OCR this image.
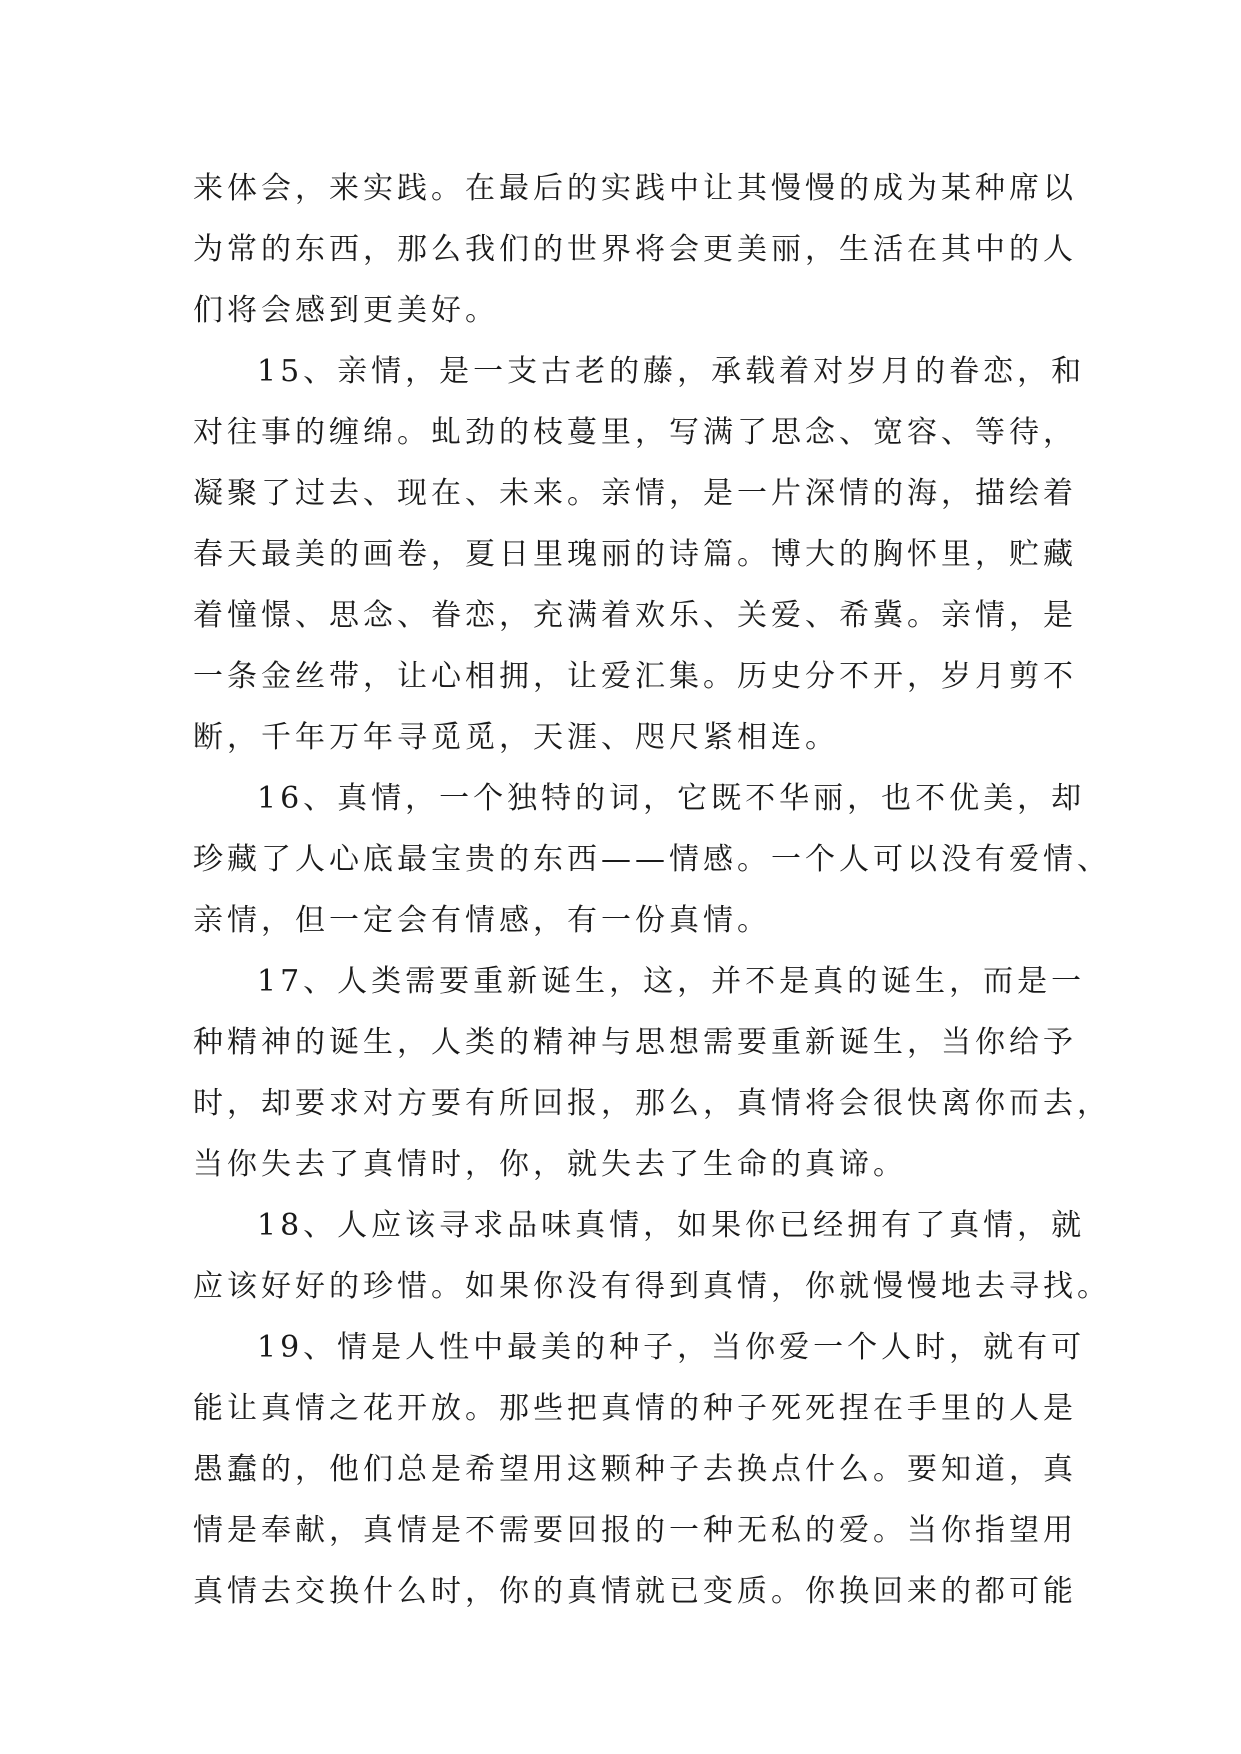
来体会，来实践。在最后的实践中让其慢慢的成为某种席以
为常的东西，那么我们的世界将会更美丽，生活在其中的人
们将会感到更美好。
15、亲情，是一支古老的藤，承载着对岁月的眷恋，和
对往事的缠绵。虬劲的枝蔓里，写满了思念、宽容、等待，
凝聚了过去、现在、未来。亲情，是一片深情的海，描绘着
春天最美的画卷，夏日里瑰丽的诗篇。博大的胸怀里，贮藏
着憧憬、思念、眷恋，充满着欢乐、关爱、希冀。亲情，是
一条金丝带，让心相拥，让爱汇集。历史分不开，岁月剪不
断，千年万年寻觅觅，天涯、咫尺紧相连。
16、真情，一个独特的词，它既不华丽，也不优美，却
珍藏了人心底最宝贵的东西——情感。一个人可以没有爱情、
亲情，但一定会有情感，有一份真情。
17、人类需要重新诞生，这，并不是真的诞生，而是一
种精神的诞生，人类的精神与思想需要重新诞生，当你给予
时，却要求对方要有所回报，那么，真情将会很快离你而去，
当你失去了真情时，你，就失去了生命的真谛。
18、人应该寻求品味真情，如果你已经拥有了真情，就
应该好好的珍惜。如果你没有得到真情，你就慢慢地去寻找。
19、情是人性中最美的种子，当你爱一个人时，就有可
能让真情之花开放。那些把真情的种子死死捏在手里的人是
愚蠢的，他们总是希望用这颗种子去换点什么。要知道，真
情是奉献，真情是不需要回报的一种无私的爱。当你指望用
真情去交换什么时，你的真情就已变质。你换回来的都可能
